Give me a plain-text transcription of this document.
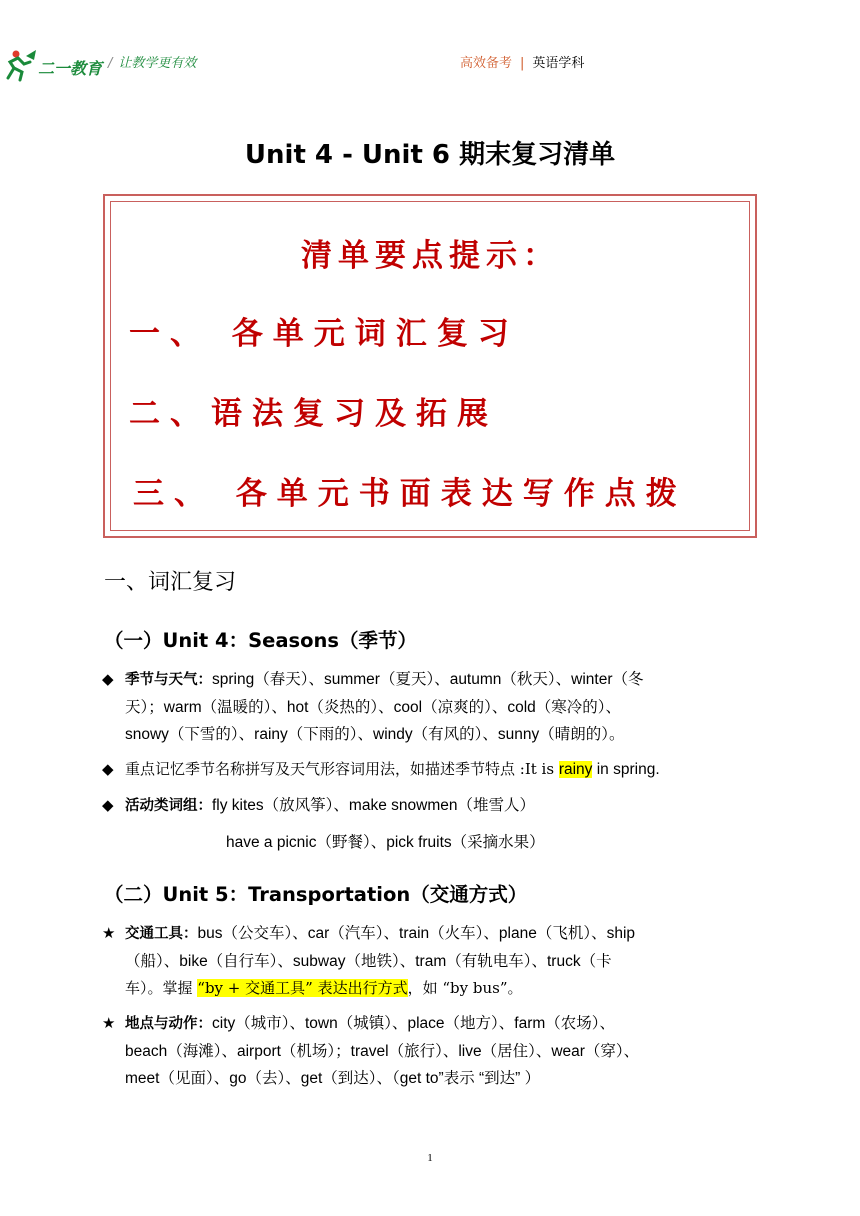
二一教育 / 让教学更有效	高效备考 | 英语学科
Unit 4 - Unit 6 期末复习清单
清单要点提示：
一、 各单元词汇复习
二、语法复习及拓展
三、 各单元书面表达写作点拨
一、词汇复习
（一）Unit 4：Seasons（季节）
◆ 季节与天气：spring（春天）、summer（夏天）、autumn（秋天）、winter（冬
天）；warm（温暖的）、hot（炎热的）、cool（凉爽的）、cold（寒冷的）、
snowy（下雪的）、rainy（下雨的）、windy（有风的）、sunny（晴朗的）。
◆ 重点记忆季节名称拼写及天气形容词用法，如描述季节特点 :It is rainy in spring.
◆ 活动类词组：fly kites（放风筝）、make snowmen（堆雪人）
have a picnic（野餐）、pick fruits（采摘水果）
（二）Unit 5：Transportation（交通方式）
★ 交通工具：bus（公交车）、car（汽车）、train（火车）、plane（飞机）、ship
（船）、bike（自行车）、subway（地铁）、tram（有轨电车）、truck（卡
车）。掌握 “by + 交通工具” 表达出行方式，如 “by bus”。
★ 地点与动作：city（城市）、town（城镇）、place（地方）、farm（农场）、
beach（海滩）、airport（机场）；travel（旅行）、live（居住）、wear（穿）、
meet（见面）、go（去）、get（到达）、（get to”表示 “到达” ）
1
